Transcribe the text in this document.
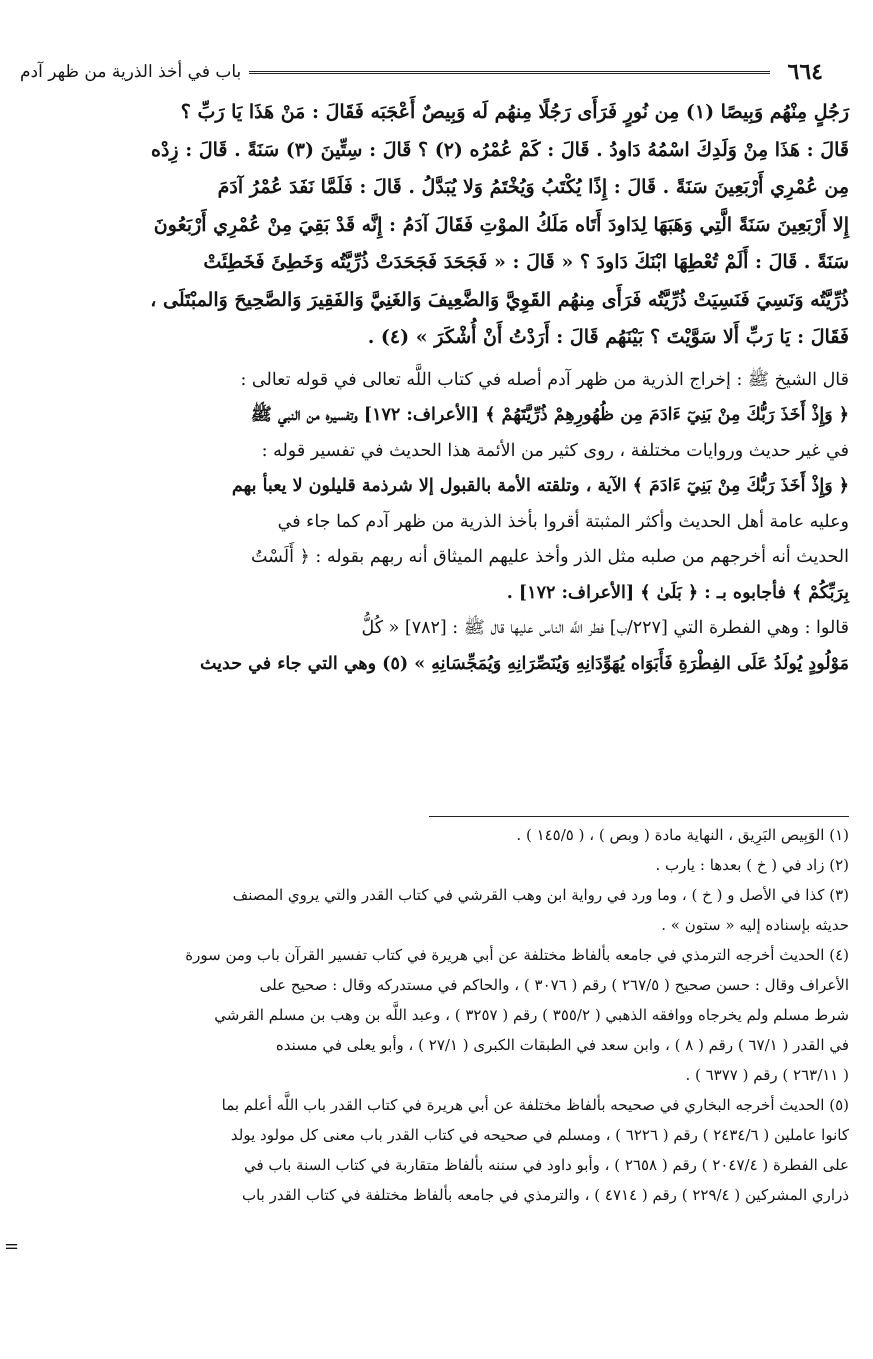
٦٦٤
باب في أخذ الذرية من ظهر آدم

رَجُلٍ مِنْهُم وَبِيصًا (١) مِن نُورٍ فَرَأَى رَجُلًا مِنهُم لَه وَبِيصٌ أَعْجَبَه فَقَالَ : مَنْ هَذَا يَا رَبِّ ؟

قَالَ : هَذَا مِنْ وَلَدِكَ اسْمُهُ دَاودُ . قَالَ : كَمْ عُمْرُه (٢) ؟ قَالَ : سِتِّينَ (٣) سَنَةً . قَالَ : زِدْه

مِن عُمْرِي أَرْبَعِينَ سَنَةً . قَالَ : إِذًا يُكْتَبُ وَيُخْتَمُ وَلا يُبَدَّلُ . قَالَ : فَلَمَّا نَفَدَ عُمْرُ آدَمَ

إِلا أَرْبَعِينَ سَنَةً الَّتِي وَهَبَهَا لِدَاودَ أَتَاه مَلَكُ الموْتِ فَقَالَ آدَمُ : إِنَّه قَدْ بَقِيَ مِنْ عُمْرِي أَرْبَعُونَ

سَنَةً . قَالَ : أَلَمْ تُعْطِهَا ابْنَكَ دَاودَ ؟ « قَالَ : « فَجَحَدَ فَجَحَدَتْ ذُرِّيَّتُه وَخَطِئَ فَخَطِئَتْ

ذُرِّيَّتُه وَنَسِيَ فَنَسِيَتْ ذُرِّيَّتُه فَرَأَى مِنهُم القَوِيَّ وَالضَّعِيفَ وَالغَنِيَّ وَالفَقِيرَ وَالصَّحِيحَ وَالمبْتَلَى ،

فَقَالَ : يَا رَبِّ أَلا سَوَّيْتَ ؟ بَيْنَهُم قَالَ : أَرَدْتُ أَنْ أُشْكَرَ » (٤) .

قال الشيخ ﷺ : إخراج الذرية من ظهر آدم أصله في كتاب اللَّه تعالى في قوله تعالى :

﴿ وَإِذْ أَخَذَ رَبُّكَ مِنْ بَنِيٓ ءَادَمَ مِن ظُهُورِهِمْ ذُرِّيَّتَهُمْ ﴾ [الأعراف: ١٧٢] وتفسيره من النبي ﷺ

في غير حديث وروايات مختلفة ، روى كثير من الأئمة هذا الحديث في تفسير قوله :

﴿ وَإِذْ أَخَذَ رَبُّكَ مِنْ بَنِيٓ ءَادَمَ ﴾ الآية ، وتلقته الأمة بالقبول إلا شرذمة قليلون لا يعبأ بهم

وعليه عامة أهل الحديث وأكثر المثبتة أقروا بأخذ الذرية من ظهر آدم كما جاء في

الحديث أنه أخرجهم من صلبه مثل الذر وأخذ عليهم الميثاق أنه ربهم بقوله : ﴿ أَلَسْتُ

بِرَبِّكُمْ ﴾ فأجابوه بـ : ﴿ بَلَىٰ ﴾ [الأعراف: ١٧٢] .

قالوا : وهي الفطرة التي [٢٢٧/ب] فطر اللَّه الناس عليها قال ﷺ : [٧٨٢] « كُلُّ

مَوْلُودٍ يُولَدُ عَلَى الفِطْرَةِ فَأَبَوَاه يُهَوِّدَانِهِ وَيُنَصِّرَانِهِ وَيُمَجِّسَانِهِ » (٥) وهي التي جاء في حديث

(١) الوَبِيص البَرِيق ، النهاية مادة ( وبص ) ، ( ١٤٥/٥ ) .

(٢) زاد في ( خ ) بعدها : يارب .

(٣) كذا في الأصل و ( خ ) ، وما ورد في رواية ابن وهب القرشي في كتاب القدر والتي يروي المصنف

حديثه بإسناده إليه « ستون » .

(٤) الحديث أخرجه الترمذي في جامعه بألفاظ مختلفة عن أبي هريرة في كتاب تفسير القرآن باب ومن سورة

الأعراف وقال : حسن صحيح ( ٢٦٧/٥ ) رقم ( ٣٠٧٦ ) ، والحاكم في مستدركه وقال : صحيح على

شرط مسلم ولم يخرجاه ووافقه الذهبي ( ٣٥٥/٢ ) رقم ( ٣٢٥٧ ) ، وعبد اللَّه بن وهب بن مسلم القرشي

في القدر ( ٦٧/١ ) رقم ( ٨ ) ، وابن سعد في الطبقات الكبرى ( ٢٧/١ ) ، وأبو يعلى في مسنده

( ٢٦٣/١١ ) رقم ( ٦٣٧٧ ) .

(٥) الحديث أخرجه البخاري في صحيحه بألفاظ مختلفة عن أبي هريرة في كتاب القدر باب اللَّه أعلم بما

كانوا عاملين ( ٢٤٣٤/٦ ) رقم ( ٦٢٢٦ ) ، ومسلم في صحيحه في كتاب القدر باب معنى كل مولود يولد

على الفطرة ( ٢٠٤٧/٤ ) رقم ( ٢٦٥٨ ) ، وأبو داود في سننه بألفاظ متقاربة في كتاب السنة باب في

ذراري المشركين ( ٢٢٩/٤ ) رقم ( ٤٧١٤ ) ، والترمذي في جامعه بألفاظ مختلفة في كتاب القدر باب

=
